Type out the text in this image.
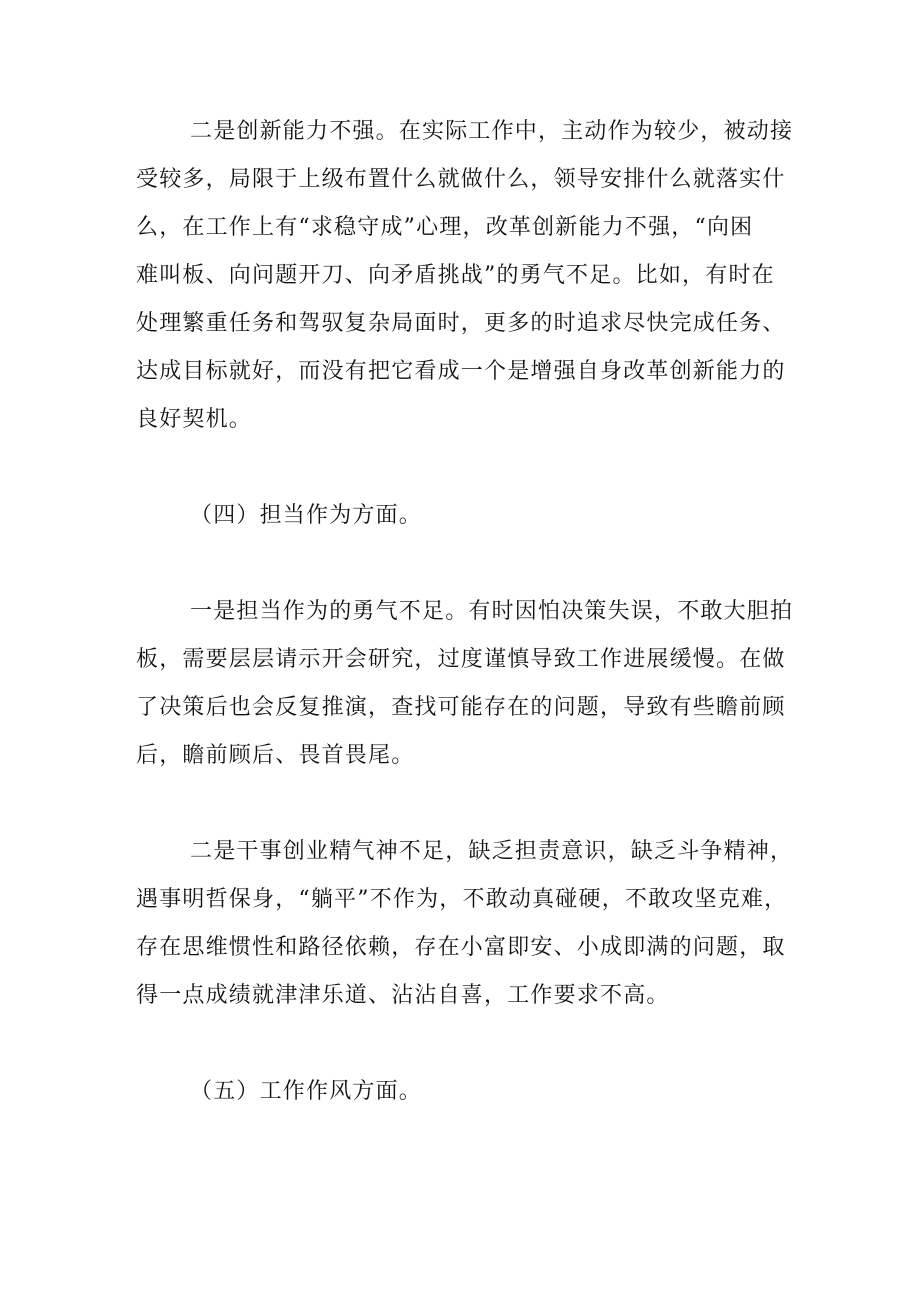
二是创新能力不强。在实际工作中，主动作为较少，被动接
受较多，局限于上级布置什么就做什么，领导安排什么就落实什
么，在工作上有“求稳守成”心理，改革创新能力不强，“向困
难叫板、向问题开刀、向矛盾挑战”的勇气不足。比如，有时在
处理繁重任务和驾驭复杂局面时，更多的时追求尽快完成任务、
达成目标就好，而没有把它看成一个是增强自身改革创新能力的
良好契机。

（四）担当作为方面。

一是担当作为的勇气不足。有时因怕决策失误，不敢大胆拍
板，需要层层请示开会研究，过度谨慎导致工作进展缓慢。在做
了决策后也会反复推演，查找可能存在的问题，导致有些瞻前顾
后，瞻前顾后、畏首畏尾。

二是干事创业精气神不足，缺乏担责意识，缺乏斗争精神，
遇事明哲保身，“躺平”不作为，不敢动真碰硬，不敢攻坚克难，
存在思维惯性和路径依赖，存在小富即安、小成即满的问题，取
得一点成绩就津津乐道、沾沾自喜，工作要求不高。

（五）工作作风方面。
